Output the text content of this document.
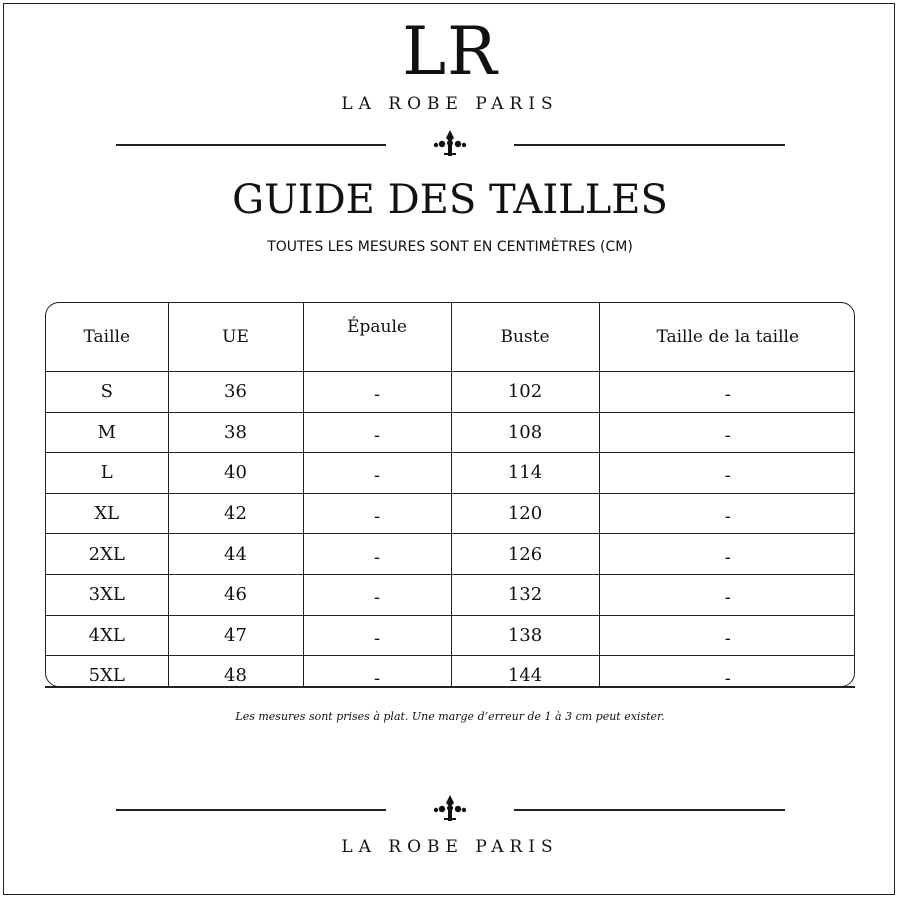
LR
LA ROBE PARIS
GUIDE DES TAILLES
TOUTES LES MESURES SONT EN CENTIMÈTRES (CM)
Taille	UE	Épaule	Buste	Taille de la taille
S	36	-	102	-
M	38	-	108	-
L	40	-	114	-
XL	42	-	120	-
2XL	44	-	126	-
3XL	46	-	132	-
4XL	47	-	138	-
5XL	48	-	144	-
Les mesures sont prises à plat. Une marge d’erreur de 1 à 3 cm peut exister.
LA ROBE PARIS
